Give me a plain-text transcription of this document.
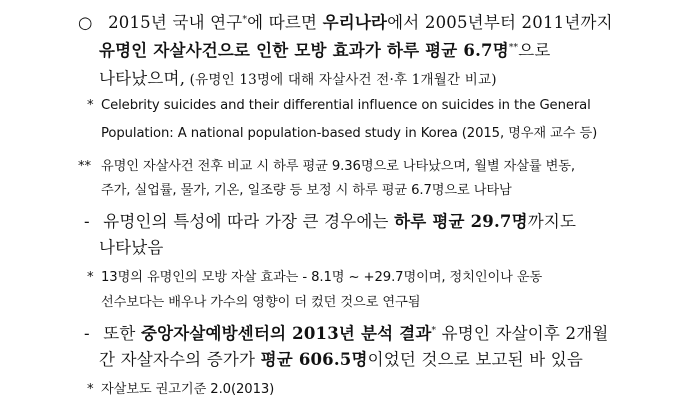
○ 2015년 국내 연구*에 따르면 우리나라에서 2005년부터 2011년까지
유명인 자살사건으로 인한 모방 효과가 하루 평균 6.7명**으로
나타났으며, (유명인 13명에 대해 자살사건 전·후 1개월간 비교)
* Celebrity suicides and their differential influence on suicides in the General
Population: A national population-based study in Korea (2015, 명우재 교수 등)
** 유명인 자살사건 전후 비교 시 하루 평균 9.36명으로 나타났으며, 월별 자살률 변동,
주가, 실업률, 물가, 기온, 일조량 등 보정 시 하루 평균 6.7명으로 나타남
- 유명인의 특성에 따라 가장 큰 경우에는 하루 평균 29.7명까지도
나타났음
* 13명의 유명인의 모방 자살 효과는 - 8.1명 ~ +29.7명이며, 정치인이나 운동
선수보다는 배우나 가수의 영향이 더 컸던 것으로 연구됨
- 또한 중앙자살예방센터의 2013년 분석 결과* 유명인 자살이후 2개월
간 자살자수의 증가가 평균 606.5명이었던 것으로 보고된 바 있음
* 자살보도 권고기준 2.0(2013)
